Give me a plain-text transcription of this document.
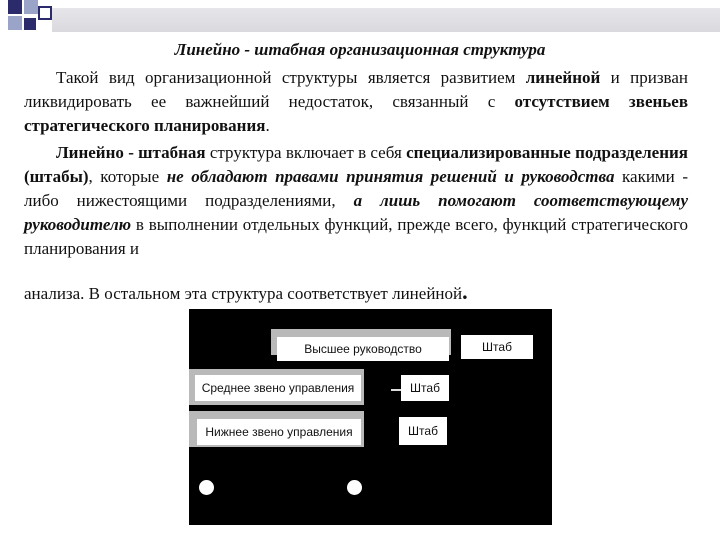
Линейно - штабная организационная структура

Такой вид организационной структуры является развитием линейной и призван ликвидировать ее важнейший недостаток, связанный с отсутствием звеньев стратегического планирования.

Линейно - штабная структура включает в себя специализированные подразделения (штабы), которые не обладают правами принятия решений и руководства какими - либо нижестоящими подразделениями, а лишь помогают соответствующему руководителю в выполнении отдельных функций, прежде всего, функций стратегического планирования и

анализа. В остальном эта структура соответствует линейной.

Высшее руководство	Штаб
Среднее звено управления	Штаб
Нижнее звено управления	Штаб
